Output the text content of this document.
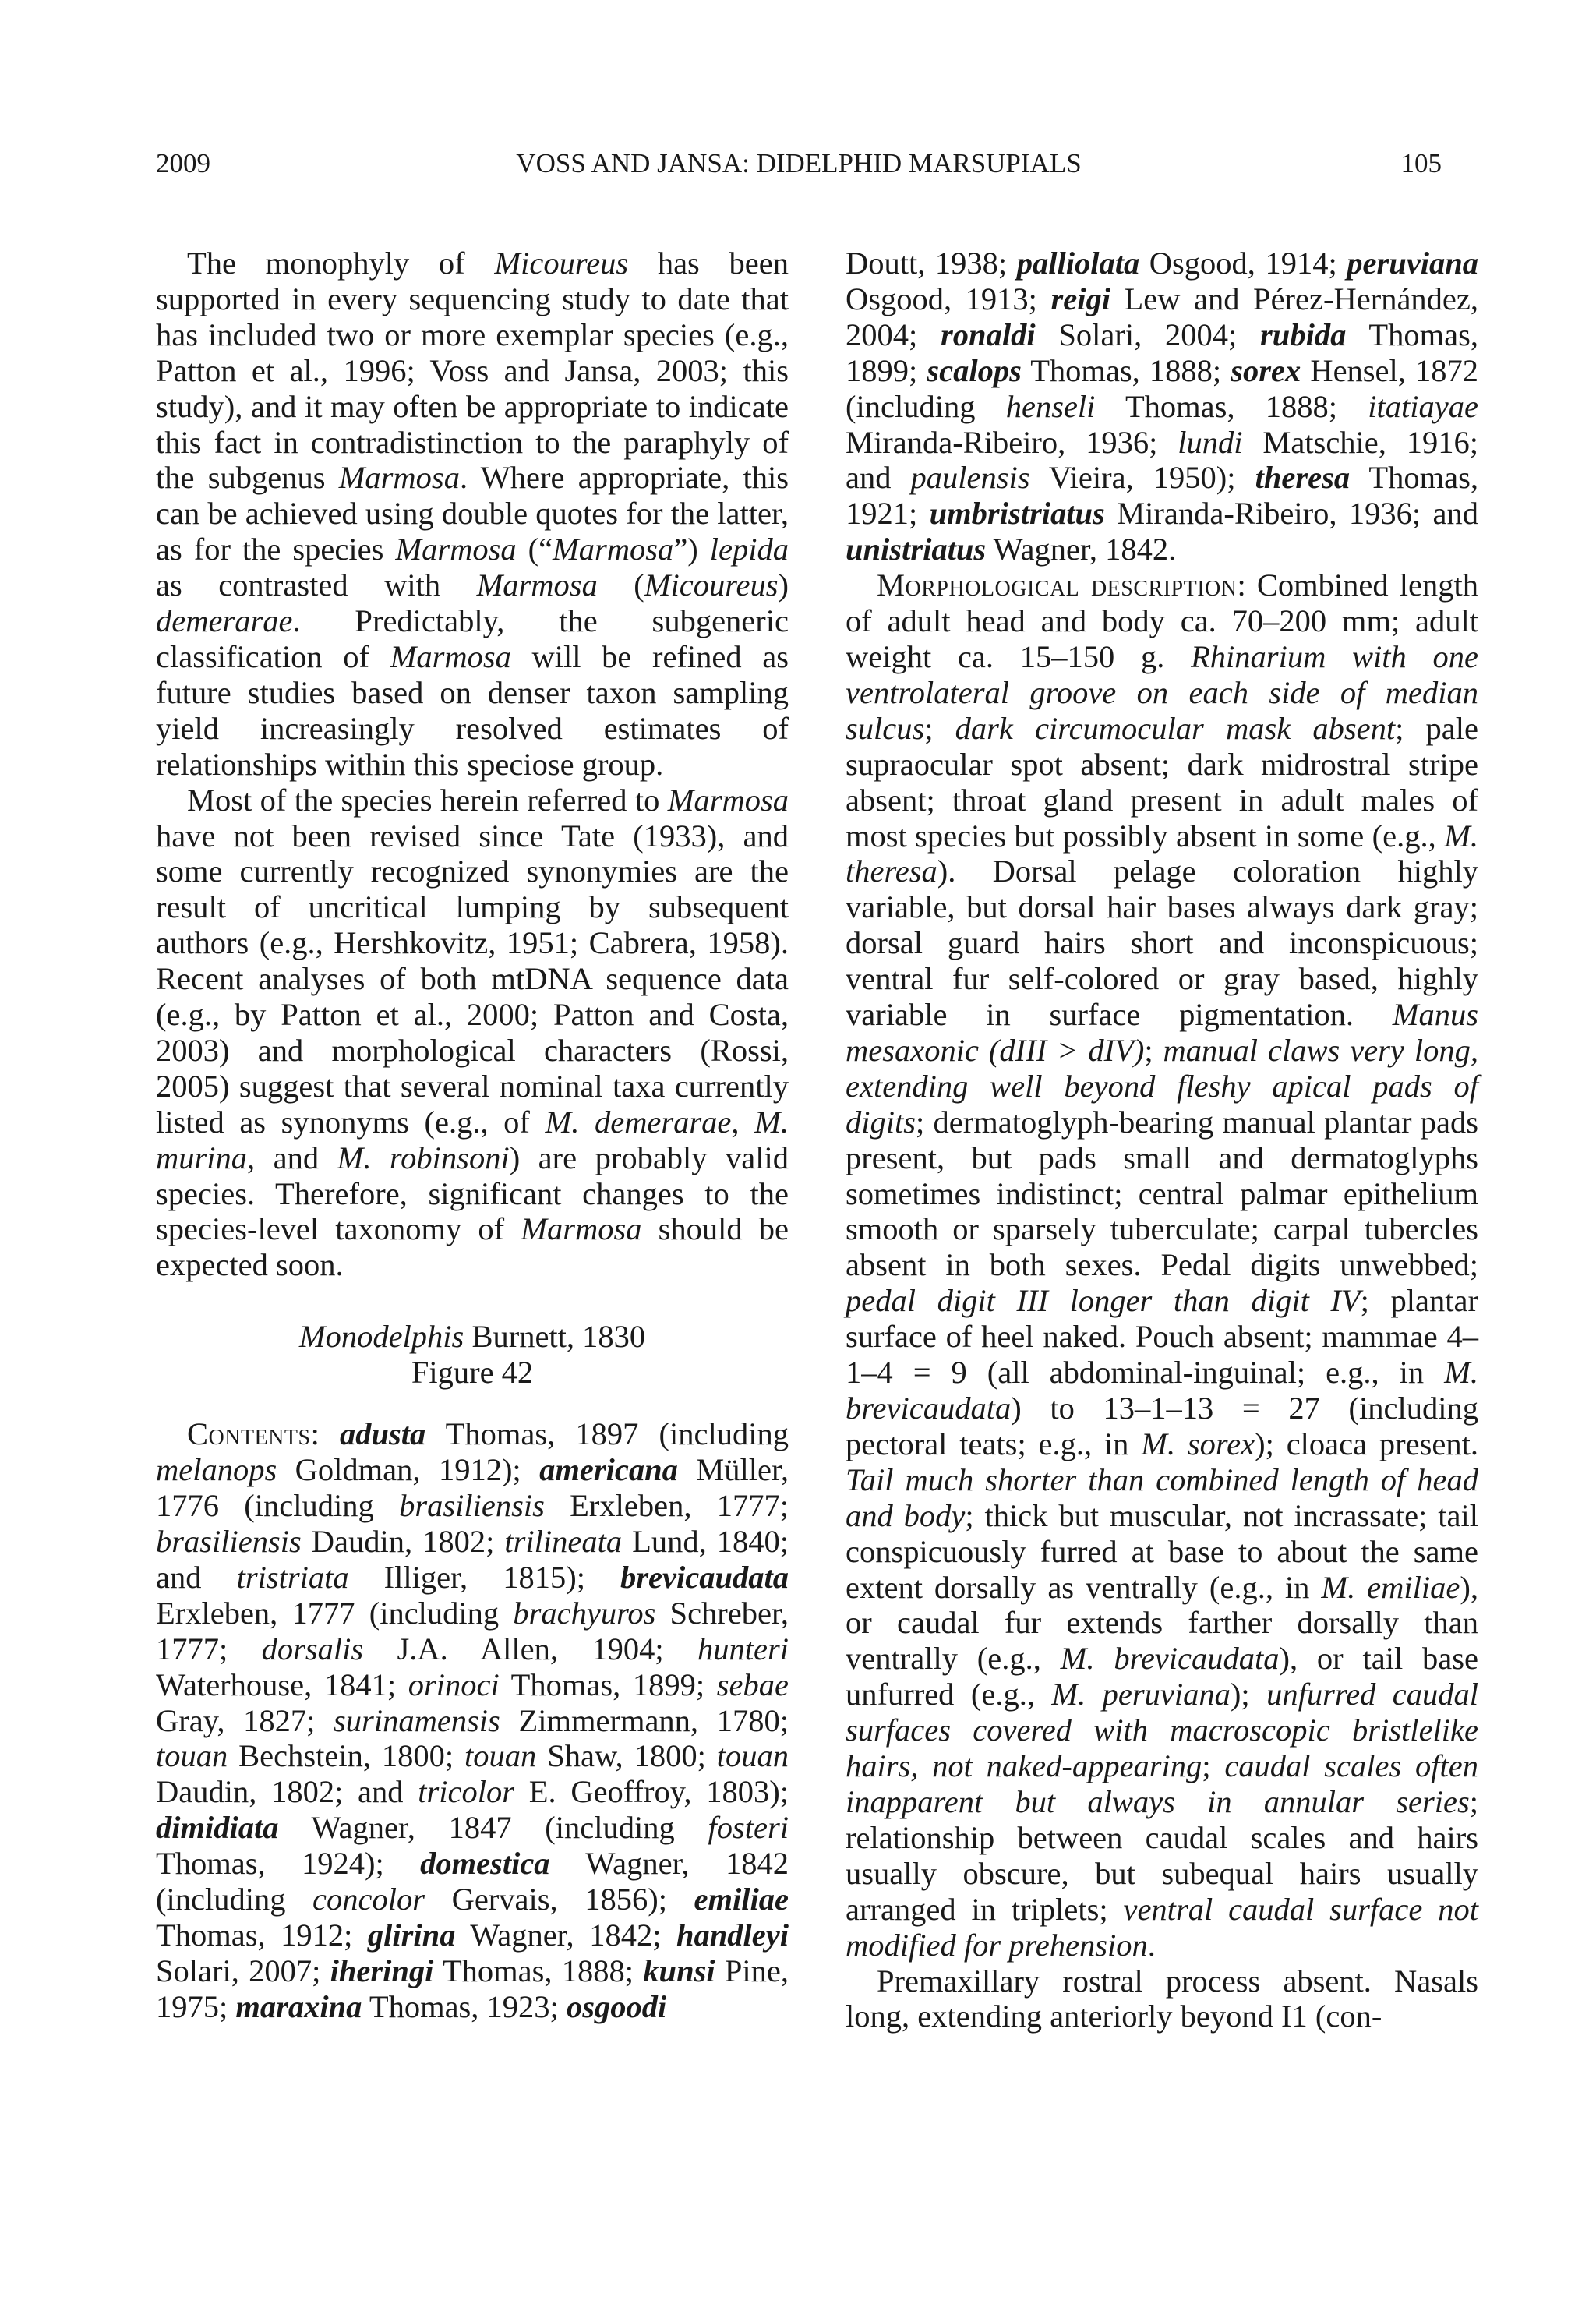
2009	VOSS AND JANSA: DIDELPHID MARSUPIALS	105

The monophyly of Micoureus has been supported in every sequencing study to date that has included two or more exemplar species (e.g., Patton et al., 1996; Voss and Jansa, 2003; this study), and it may often be appropriate to indicate this fact in contradistinction to the paraphyly of the subgenus Marmosa. Where appropriate, this can be achieved using double quotes for the latter, as for the species Marmosa (“Marmosa”) lepida as contrasted with Marmosa (Micoureus) demerarae. Predictably, the subgeneric classification of Marmosa will be refined as future studies based on denser taxon sampling yield increasingly resolved estimates of relationships within this speciose group.

Most of the species herein referred to Marmosa have not been revised since Tate (1933), and some currently recognized synonymies are the result of uncritical lumping by subsequent authors (e.g., Hershkovitz, 1951; Cabrera, 1958). Recent analyses of both mtDNA sequence data (e.g., by Patton et al., 2000; Patton and Costa, 2003) and morphological characters (Rossi, 2005) suggest that several nominal taxa currently listed as synonyms (e.g., of M. demerarae, M. murina, and M. robinsoni) are probably valid species. Therefore, significant changes to the species-level taxonomy of Marmosa should be expected soon.

Monodelphis Burnett, 1830
Figure 42

Contents: adusta Thomas, 1897 (including melanops Goldman, 1912); americana Müller, 1776 (including brasiliensis Erxleben, 1777; brasiliensis Daudin, 1802; trilineata Lund, 1840; and tristriata Illiger, 1815); brevicaudata Erxleben, 1777 (including brachyuros Schreber, 1777; dorsalis J.A. Allen, 1904; hunteri Waterhouse, 1841; orinoci Thomas, 1899; sebae Gray, 1827; surinamensis Zimmermann, 1780; touan Bechstein, 1800; touan Shaw, 1800; touan Daudin, 1802; and tricolor E. Geoffroy, 1803); dimidiata Wagner, 1847 (including fosteri Thomas, 1924); domestica Wagner, 1842 (including concolor Gervais, 1856); emiliae Thomas, 1912; glirina Wagner, 1842; handleyi Solari, 2007; iheringi Thomas, 1888; kunsi Pine, 1975; maraxina Thomas, 1923; osgoodi

Doutt, 1938; palliolata Osgood, 1914; peruviana Osgood, 1913; reigi Lew and Pérez-Hernández, 2004; ronaldi Solari, 2004; rubida Thomas, 1899; scalops Thomas, 1888; sorex Hensel, 1872 (including henseli Thomas, 1888; itatiayae Miranda-Ribeiro, 1936; lundi Matschie, 1916; and paulensis Vieira, 1950); theresa Thomas, 1921; umbristriatus Miranda-Ribeiro, 1936; and unistriatus Wagner, 1842.

Morphological description: Combined length of adult head and body ca. 70–200 mm; adult weight ca. 15–150 g. Rhinarium with one ventrolateral groove on each side of median sulcus; dark circumocular mask absent; pale supraocular spot absent; dark midrostral stripe absent; throat gland present in adult males of most species but possibly absent in some (e.g., M. theresa). Dorsal pelage coloration highly variable, but dorsal hair bases always dark gray; dorsal guard hairs short and inconspicuous; ventral fur self-colored or gray based, highly variable in surface pigmentation. Manus mesaxonic (dIII > dIV); manual claws very long, extending well beyond fleshy apical pads of digits; dermatoglyph-bearing manual plantar pads present, but pads small and dermatoglyphs sometimes indistinct; central palmar epithelium smooth or sparsely tuberculate; carpal tubercles absent in both sexes. Pedal digits unwebbed; pedal digit III longer than digit IV; plantar surface of heel naked. Pouch absent; mammae 4–1–4 = 9 (all abdominal-inguinal; e.g., in M. brevicaudata) to 13–1–13 = 27 (including pectoral teats; e.g., in M. sorex); cloaca present. Tail much shorter than combined length of head and body; thick but muscular, not incrassate; tail conspicuously furred at base to about the same extent dorsally as ventrally (e.g., in M. emiliae), or caudal fur extends farther dorsally than ventrally (e.g., M. brevicaudata), or tail base unfurred (e.g., M. peruviana); unfurred caudal surfaces covered with macroscopic bristlelike hairs, not naked-appearing; caudal scales often inapparent but always in annular series; relationship between caudal scales and hairs usually obscure, but subequal hairs usually arranged in triplets; ventral caudal surface not modified for prehension.

Premaxillary rostral process absent. Nasals long, extending anteriorly beyond I1 (con-
